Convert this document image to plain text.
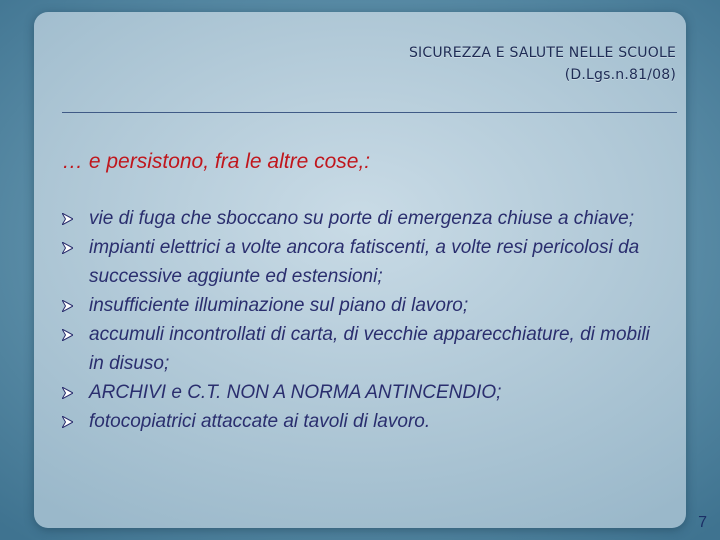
SICUREZZA E SALUTE NELLE SCUOLE
(D.Lgs.n.81/08)
… e persistono, fra le altre cose,:
vie di fuga che sboccano su porte di emergenza chiuse a chiave;
impianti elettrici a volte ancora fatiscenti, a volte resi pericolosi da successive aggiunte ed estensioni;
insufficiente illuminazione sul piano di lavoro;
accumuli incontrollati di carta, di vecchie apparecchiature, di mobili in disuso;
ARCHIVI e C.T. NON A NORMA ANTINCENDIO;
fotocopiatrici attaccate ai tavoli di lavoro.
7
